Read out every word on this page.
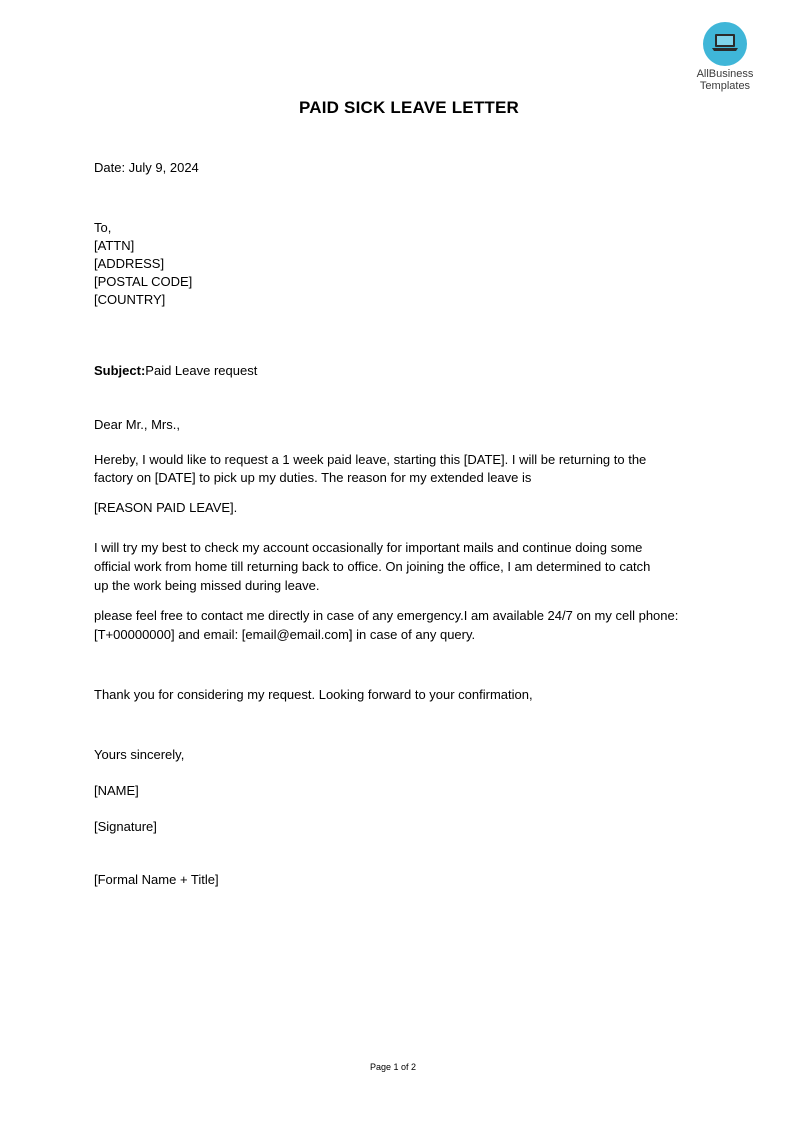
AllBusiness
Templates
PAID SICK LEAVE LETTER
Date: July 9, 2024
To,
[ATTN]
[ADDRESS]
[POSTAL CODE]
[COUNTRY]
Subject:Paid Leave request
Dear Mr., Mrs.,
Hereby, I would like to request a 1 week paid leave, starting this [DATE]. I will be returning to the
factory on [DATE] to pick up my duties. The reason for my extended leave is
[REASON PAID LEAVE].
I will try my best to check my account occasionally for important mails and continue doing some
official work from home till returning back to office. On joining the office, I am determined to catch
up the work being missed during leave.
please feel free to contact me directly in case of any emergency.I am available 24/7 on my cell phone:
[T+00000000] and email: [email@email.com] in case of any query.
Thank you for considering my request. Looking forward to your confirmation,
Yours sincerely,
[NAME]
[Signature]
[Formal Name + Title]
Page 1 of 2
